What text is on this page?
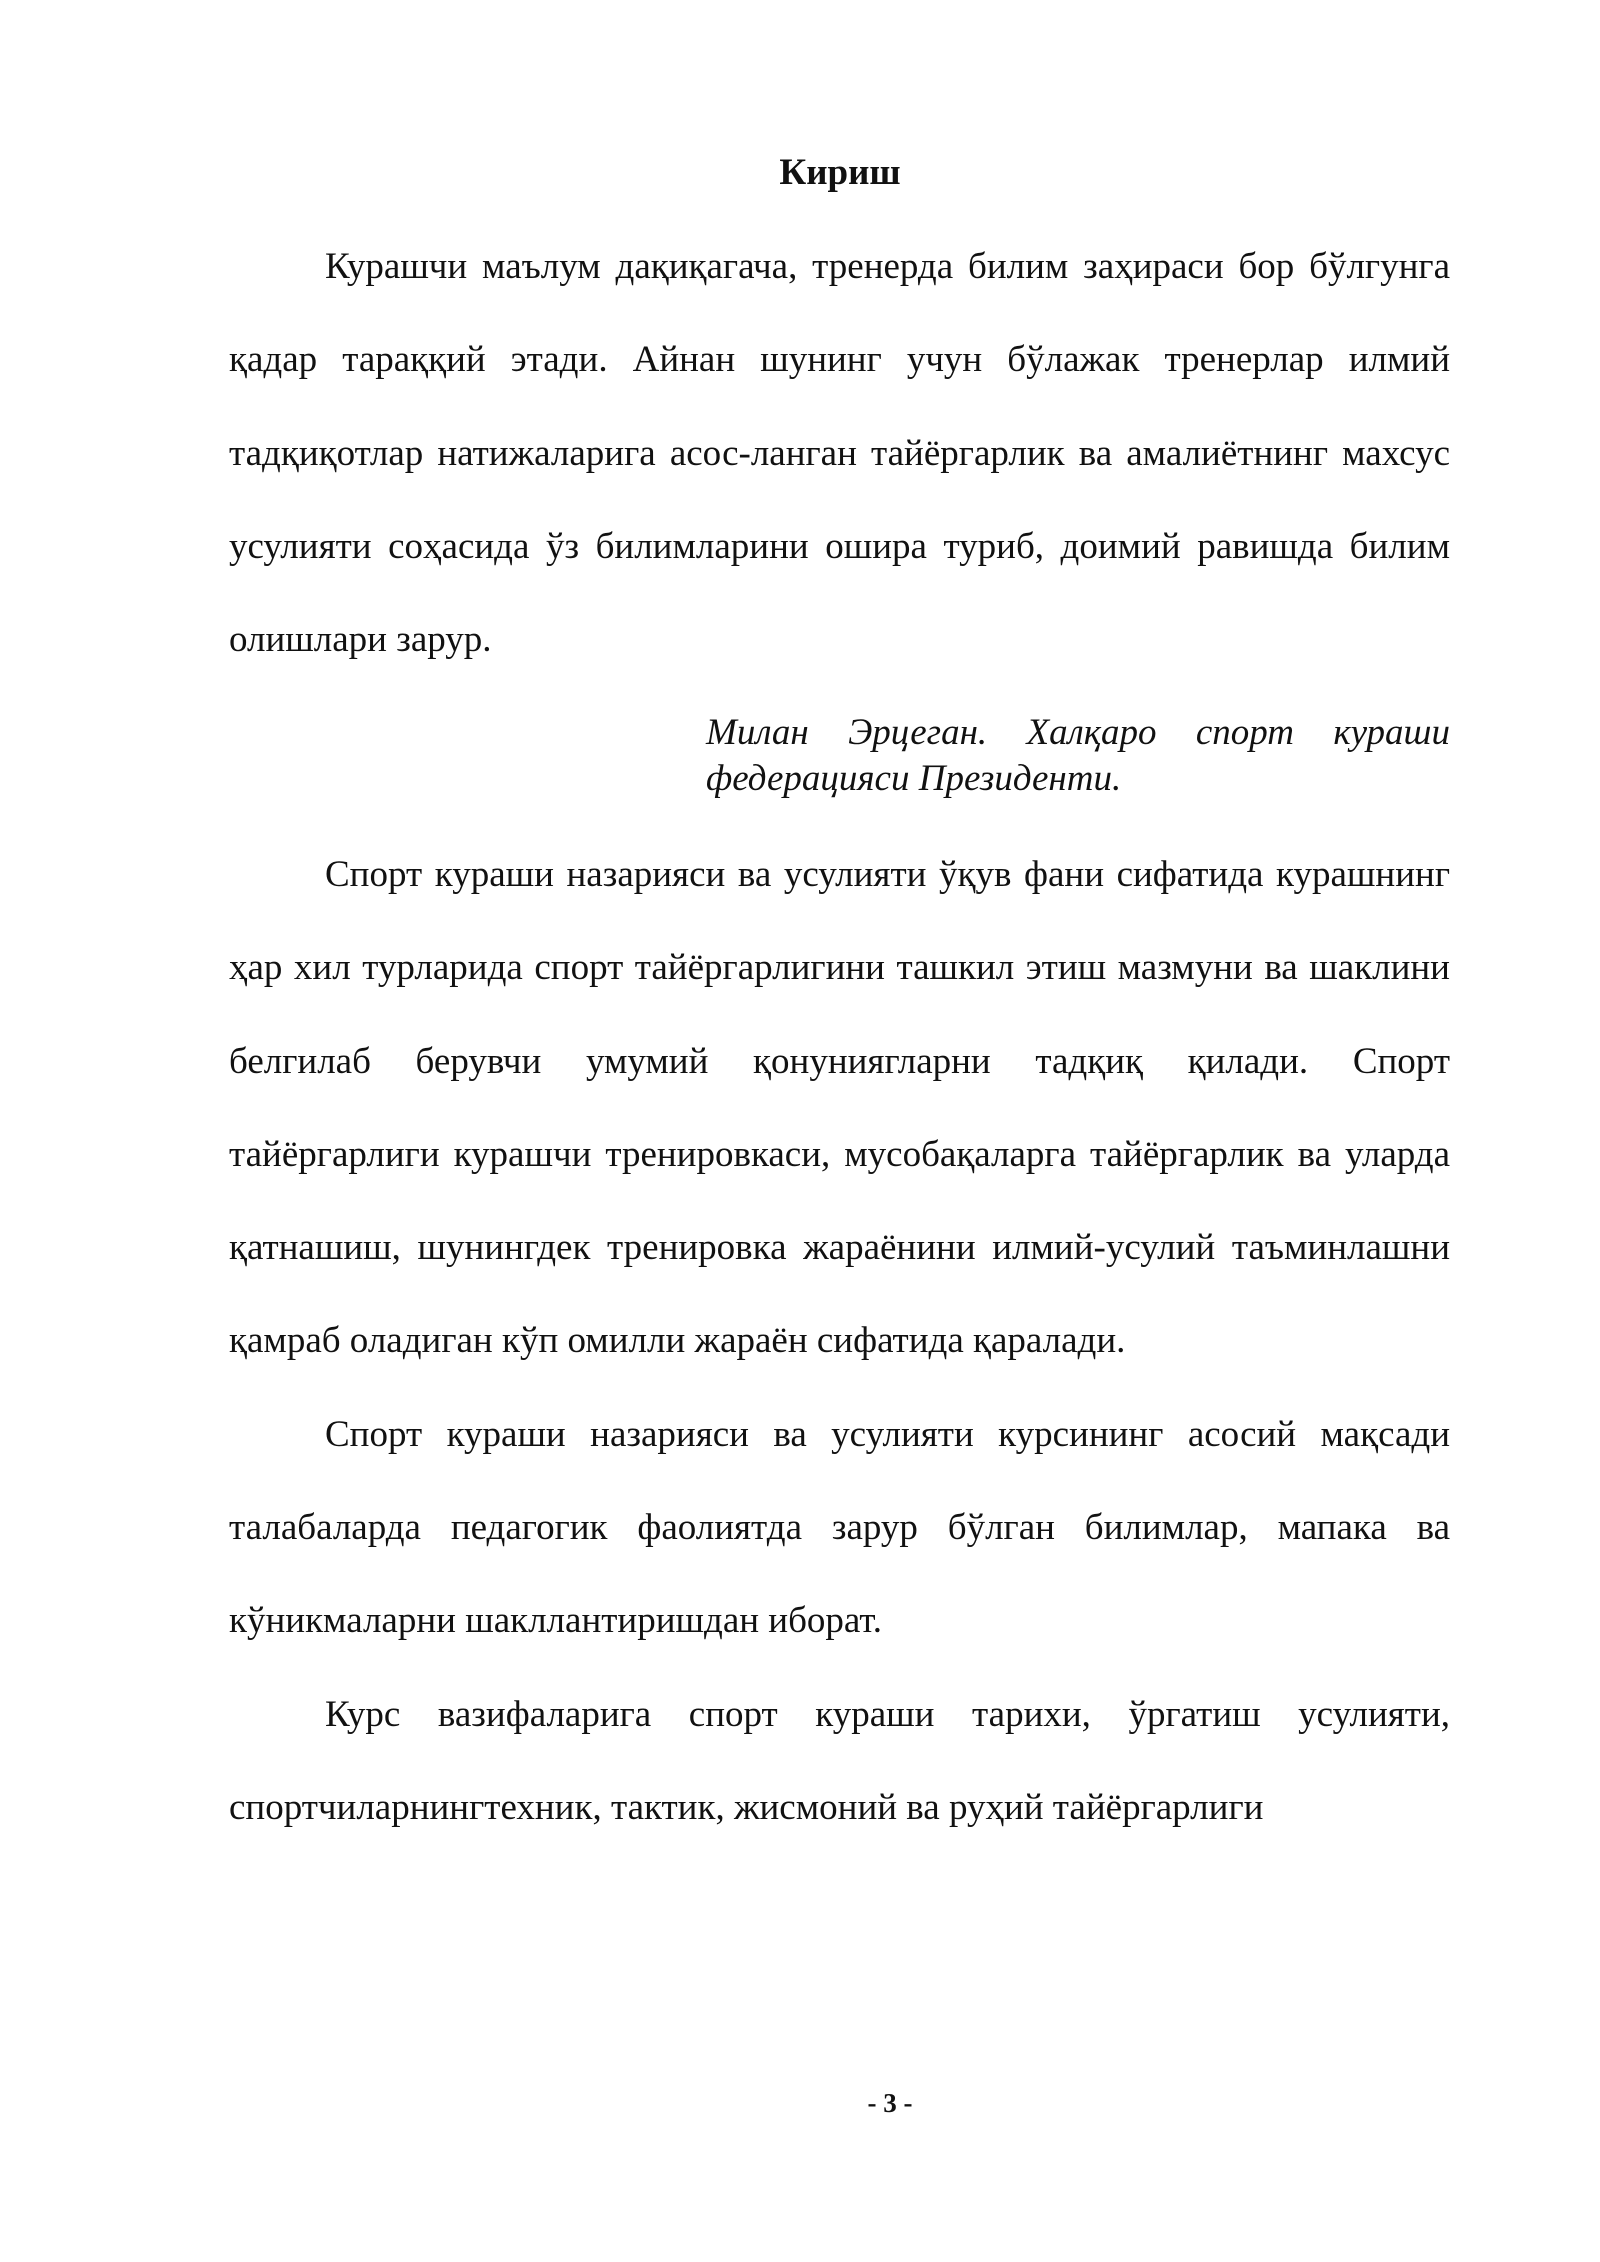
Кириш

Курашчи маълум дақиқагача, тренерда билим заҳираси бор бўлгунга қадар тараққий этади. Айнан шунинг учун бўлажак тренерлар илмий тадқиқотлар натижаларига асос-ланган тайёргарлик ва амалиётнинг махсус усулияти соҳасида ўз билимларини ошира туриб, доимий равишда билим олишлари зарур.

Милан Эрцеган. Халқаро спорт кураши федерацияси Президенти.

Спорт кураши назарияси ва усулияти ўқув фани сифатида курашнинг ҳар хил турларида спорт тайёргарлигини ташкил этиш мазмуни ва шаклини белгилаб берувчи умумий қонуниягларни тадқиқ қилади. Спорт тайёргарлиги курашчи тренировкаси, мусобақаларга тайёргарлик ва уларда қатнашиш, шунингдек тренировка жараёнини илмий-усулий таъминлашни қамраб оладиган кўп омилли жараён сифатида қаралади.

Спорт кураши назарияси ва усулияти курсининг асосий мақсади талабаларда педагогик фаолиятда зарур бўлган билимлар, мапака ва кўникмаларни шакллантиришдан иборат.

Курс вазифаларига спорт кураши тарихи, ўргатиш усулияти, спортчиларнингтехник, тактик, жисмоний ва руҳий тайёргарлиги

- 3 -
